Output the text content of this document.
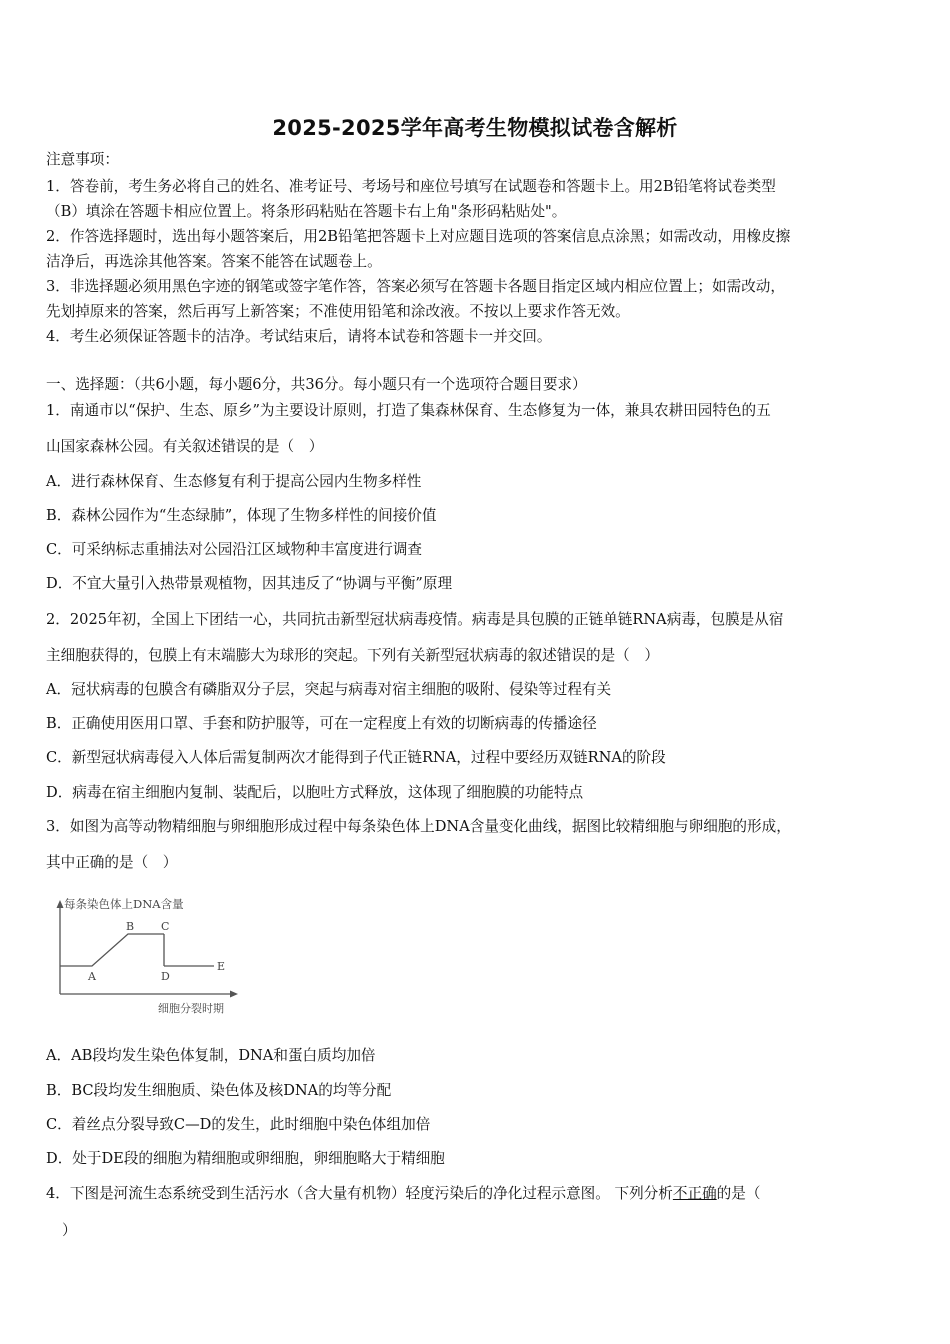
2025-2025学年高考生物模拟试卷含解析
注意事项：
1．答卷前，考生务必将自己的姓名、准考证号、考场号和座位号填写在试题卷和答题卡上。用2B铅笔将试卷类型
（B）填涂在答题卡相应位置上。将条形码粘贴在答题卡右上角"条形码粘贴处"。
2．作答选择题时，选出每小题答案后，用2B铅笔把答题卡上对应题目选项的答案信息点涂黑；如需改动，用橡皮擦
洁净后，再选涂其他答案。答案不能答在试题卷上。
3．非选择题必须用黑色字迹的钢笔或签字笔作答，答案必须写在答题卡各题目指定区域内相应位置上；如需改动，
先划掉原来的答案，然后再写上新答案；不准使用铅笔和涂改液。不按以上要求作答无效。
4．考生必须保证答题卡的洁净。考试结束后，请将本试卷和答题卡一并交回。
一、选择题：（共6小题，每小题6分，共36分。每小题只有一个选项符合题目要求）
1．南通市以“保护、生态、原乡”为主要设计原则，打造了集森林保育、生态修复为一体，兼具农耕田园特色的五
山国家森林公园。有关叙述错误的是（　）
A．进行森林保育、生态修复有利于提高公园内生物多样性
B．森林公园作为“生态绿肺”，体现了生物多样性的间接价值
C．可采纳标志重捕法对公园沿江区域物种丰富度进行调查
D．不宜大量引入热带景观植物，因其违反了“协调与平衡”原理
2．2025年初，全国上下团结一心，共同抗击新型冠状病毒疫情。病毒是具包膜的正链单链RNA病毒，包膜是从宿
主细胞获得的，包膜上有末端膨大为球形的突起。下列有关新型冠状病毒的叙述错误的是（　）
A．冠状病毒的包膜含有磷脂双分子层，突起与病毒对宿主细胞的吸附、侵染等过程有关
B．正确使用医用口罩、手套和防护服等，可在一定程度上有效的切断病毒的传播途径
C．新型冠状病毒侵入人体后需复制两次才能得到子代正链RNA，过程中要经历双链RNA的阶段
D．病毒在宿主细胞内复制、装配后，以胞吐方式释放，这体现了细胞膜的功能特点
3．如图为高等动物精细胞与卵细胞形成过程中每条染色体上DNA含量变化曲线，据图比较精细胞与卵细胞的形成，
其中正确的是（　）
每条染色体上DNA含量
细胞分裂时期
A
B C
D
E
A．AB段均发生染色体复制，DNA和蛋白质均加倍
B．BC段均发生细胞质、染色体及核DNA的均等分配
C．着丝点分裂导致C—D的发生，此时细胞中染色体组加倍
D．处于DE段的细胞为精细胞或卵细胞，卵细胞略大于精细胞
4．下图是河流生态系统受到生活污水（含大量有机物）轻度污染后的净化过程示意图。 下列分析不正确的是（
）
